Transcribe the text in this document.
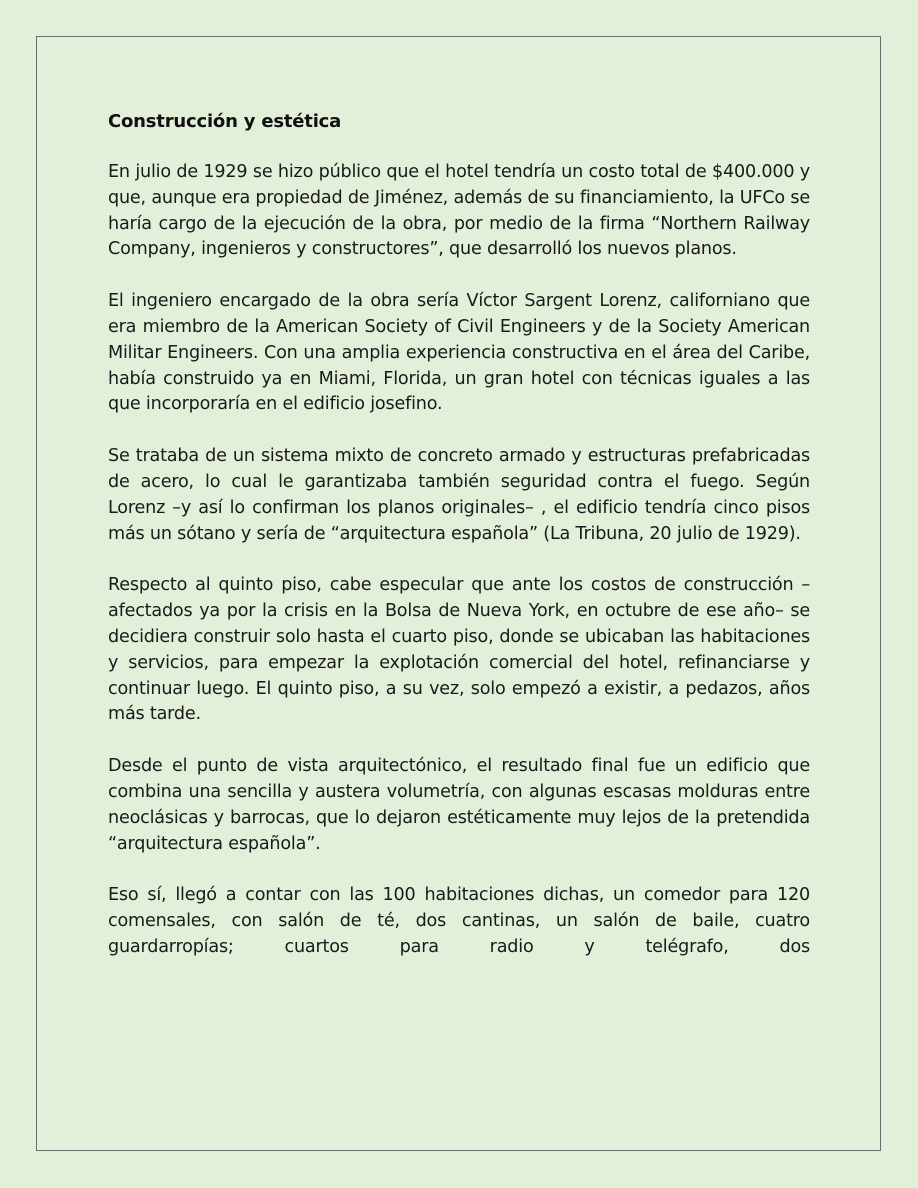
Construcción y estética

En julio de 1929 se hizo público que el hotel tendría un costo total de $400.000 y que, aunque era propiedad de Jiménez, además de su financiamiento, la UFCo se haría cargo de la ejecución de la obra, por medio de la firma “Northern Railway Company, ingenieros y constructores”, que desarrolló los nuevos planos.

El ingeniero encargado de la obra sería Víctor Sargent Lorenz, californiano que era miembro de la American Society of Civil Engineers y de la Society American Militar Engineers. Con una amplia experiencia constructiva en el área del Caribe, había construido ya en Miami, Florida, un gran hotel con técnicas iguales a las que incorporaría en el edificio josefino.

Se trataba de un sistema mixto de concreto armado y estructuras prefabricadas de acero, lo cual le garantizaba también seguridad contra el fuego. Según Lorenz –y así lo confirman los planos originales– , el edificio tendría cinco pisos más un sótano y sería de “arquitectura española” (La Tribuna, 20 julio de 1929).

Respecto al quinto piso, cabe especular que ante los costos de construcción –afectados ya por la crisis en la Bolsa de Nueva York, en octubre de ese año– se decidiera construir solo hasta el cuarto piso, donde se ubicaban las habitaciones y servicios, para empezar la explotación comercial del hotel, refinanciarse y continuar luego. El quinto piso, a su vez, solo empezó a existir, a pedazos, años más tarde.

Desde el punto de vista arquitectónico, el resultado final fue un edificio que combina una sencilla y austera volumetría, con algunas escasas molduras entre neoclásicas y barrocas, que lo dejaron estéticamente muy lejos de la pretendida “arquitectura española”.

Eso sí, llegó a contar con las 100 habitaciones dichas, un comedor para 120 comensales, con salón de té, dos cantinas, un salón de baile, cuatro guardarropías; cuartos para radio y telégrafo, dos
